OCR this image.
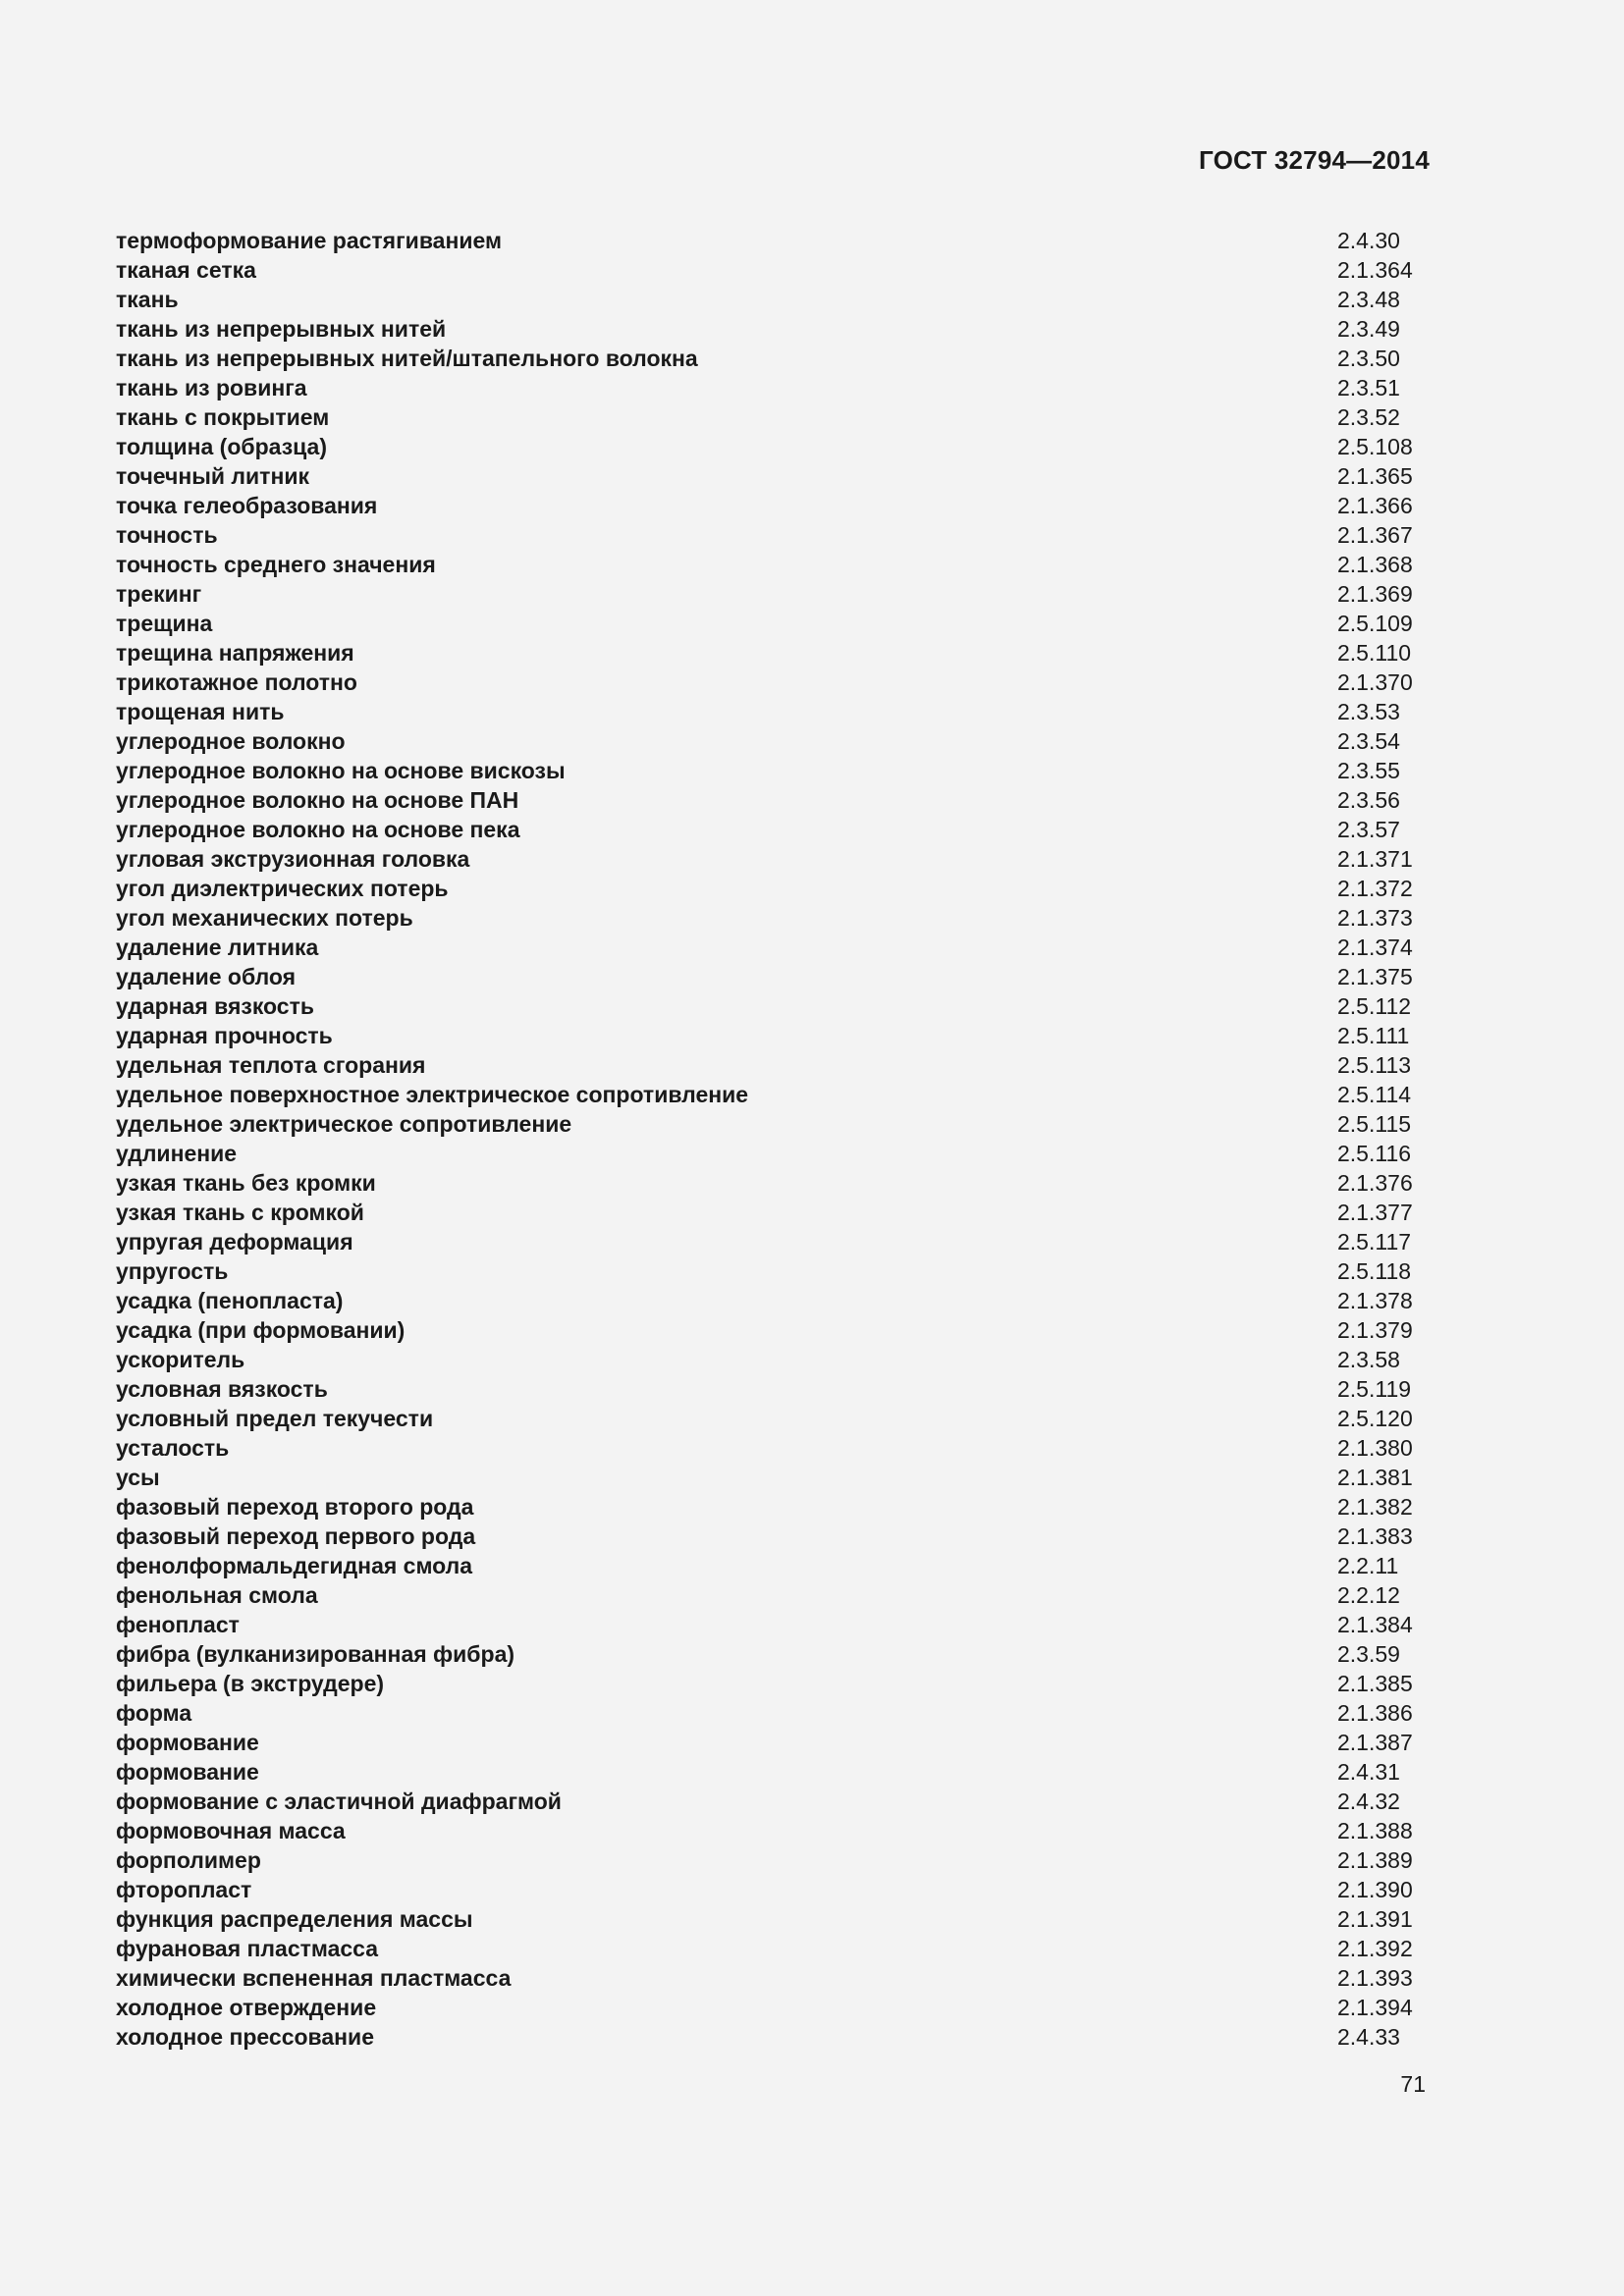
ГОСТ 32794—2014
термоформование растягиванием	2.4.30
тканая сетка	2.1.364
ткань	2.3.48
ткань из непрерывных нитей	2.3.49
ткань из непрерывных нитей/штапельного волокна	2.3.50
ткань из ровинга	2.3.51
ткань с покрытием	2.3.52
толщина (образца)	2.5.108
точечный литник	2.1.365
точка гелеобразования	2.1.366
точность	2.1.367
точность среднего значения	2.1.368
трекинг	2.1.369
трещина	2.5.109
трещина напряжения	2.5.110
трикотажное полотно	2.1.370
трощеная нить	2.3.53
углеродное волокно	2.3.54
углеродное волокно на основе вискозы	2.3.55
углеродное волокно на основе ПАН	2.3.56
углеродное волокно на основе пека	2.3.57
угловая экструзионная головка	2.1.371
угол диэлектрических потерь	2.1.372
угол механических потерь	2.1.373
удаление литника	2.1.374
удаление облоя	2.1.375
ударная вязкость	2.5.112
ударная прочность	2.5.111
удельная теплота сгорания	2.5.113
удельное поверхностное электрическое сопротивление	2.5.114
удельное электрическое сопротивление	2.5.115
удлинение	2.5.116
узкая ткань без кромки	2.1.376
узкая ткань с кромкой	2.1.377
упругая деформация	2.5.117
упругость	2.5.118
усадка (пенопласта)	2.1.378
усадка (при формовании)	2.1.379
ускоритель	2.3.58
условная вязкость	2.5.119
условный предел текучести	2.5.120
усталость	2.1.380
усы	2.1.381
фазовый переход второго рода	2.1.382
фазовый переход первого рода	2.1.383
фенолформальдегидная смола	2.2.11
фенольная смола	2.2.12
фенопласт	2.1.384
фибра (вулканизированная фибра)	2.3.59
фильера (в экструдере)	2.1.385
форма	2.1.386
формование	2.1.387
формование	2.4.31
формование с эластичной диафрагмой	2.4.32
формовочная масса	2.1.388
форполимер	2.1.389
фторопласт	2.1.390
функция распределения массы	2.1.391
фурановая пластмасса	2.1.392
химически вспененная пластмасса	2.1.393
холодное отверждение	2.1.394
холодное прессование	2.4.33
71
